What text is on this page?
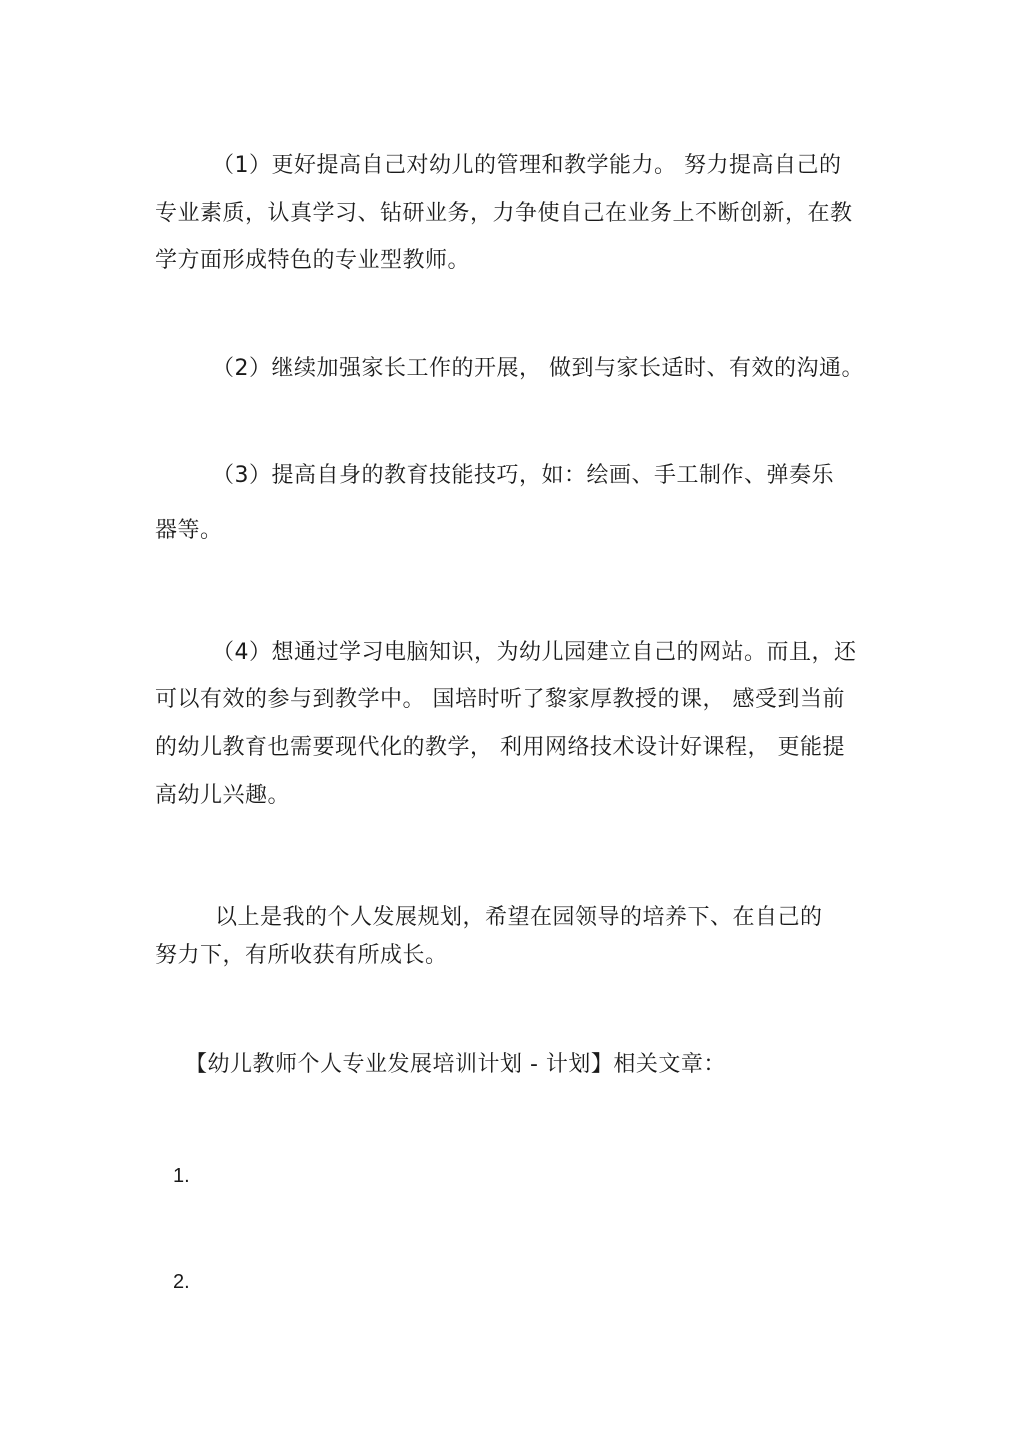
（1）更好提高自己对幼儿的管理和教学能力。 努力提高自己的
专业素质，认真学习、钻研业务，力争使自己在业务上不断创新，在教
学方面形成特色的专业型教师。
（2）继续加强家长工作的开展， 做到与家长适时、有效的沟通。
（3）提高自身的教育技能技巧，如：绘画、手工制作、弹奏乐
器等。
（4）想通过学习电脑知识，为幼儿园建立自己的网站。而且，还
可以有效的参与到教学中。 国培时听了黎家厚教授的课， 感受到当前
的幼儿教育也需要现代化的教学， 利用网络技术设计好课程， 更能提
高幼儿兴趣。
以上是我的个人发展规划，希望在园领导的培养下、在自己的
努力下，有所收获有所成长。
【幼儿教师个人专业发展培训计划 - 计划】相关文章：
1.
2.
